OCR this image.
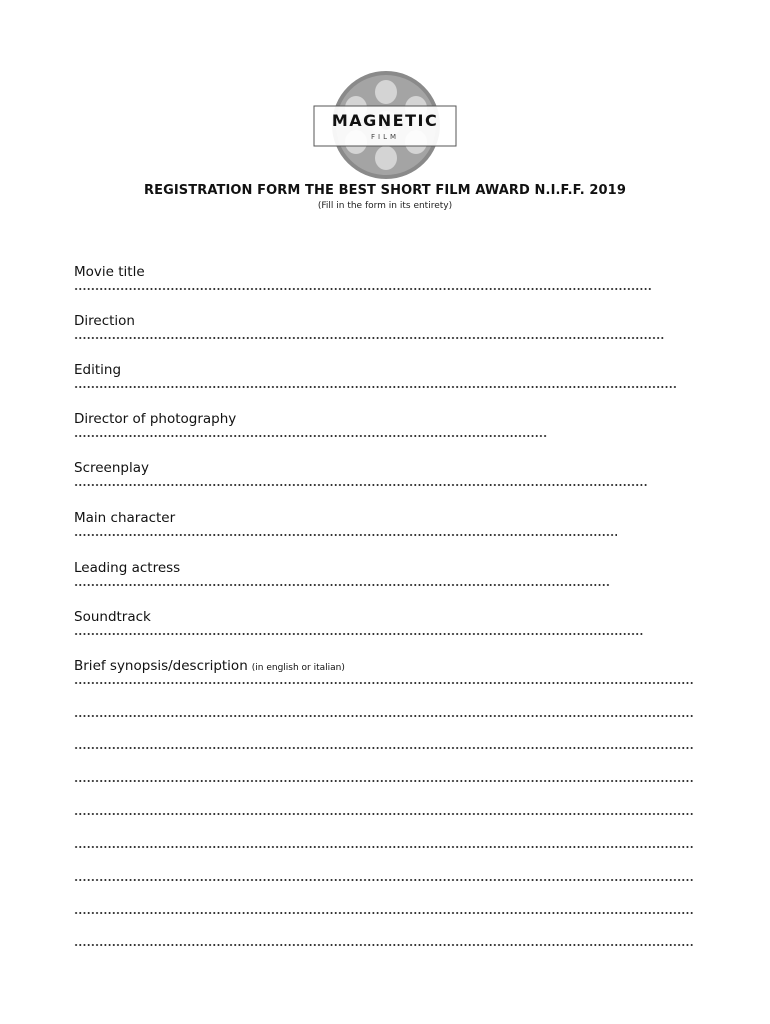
MAGNETIC
FILM
REGISTRATION FORM THE BEST SHORT FILM AWARD N.I.F.F. 2019
(Fill in the form in its entirety)
Movie title
Direction
Editing
Director of photography
Screenplay
Main character
Leading actress
Soundtrack
Brief synopsis/description (in english or italian)
